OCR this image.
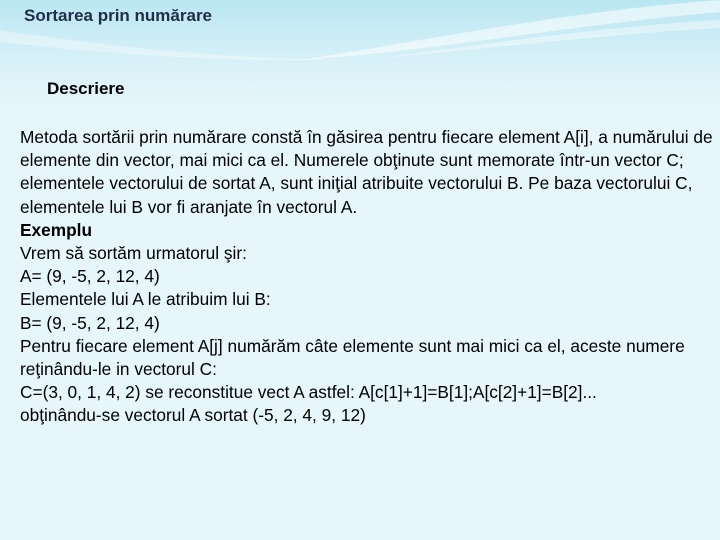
Sortarea prin numărare
Descriere

Metoda sortării prin numărare constă în găsirea pentru fiecare element A[i], a numărului de elemente din vector, mai mici ca el. Numerele obţinute sunt memorate într-un vector C; elementele vectorului de sortat A, sunt iniţial atribuite vectorului B. Pe baza vectorului C, elementele lui B vor fi aranjate în vectorul A.

Exemplu

Vrem să sortăm urmatorul şir:

A= (9, -5, 2, 12, 4)

Elementele lui A le atribuim lui B:

B= (9, -5, 2, 12, 4)

Pentru fiecare element A[j] numărăm câte elemente sunt mai mici ca el, aceste numere reţinându-le in vectorul C:

C=(3, 0, 1, 4, 2) se reconstitue vect A astfel: A[c[1]+1]=B[1];A[c[2]+1]=B[2]...

obţinându-se vectorul A sortat (-5, 2, 4, 9, 12)
